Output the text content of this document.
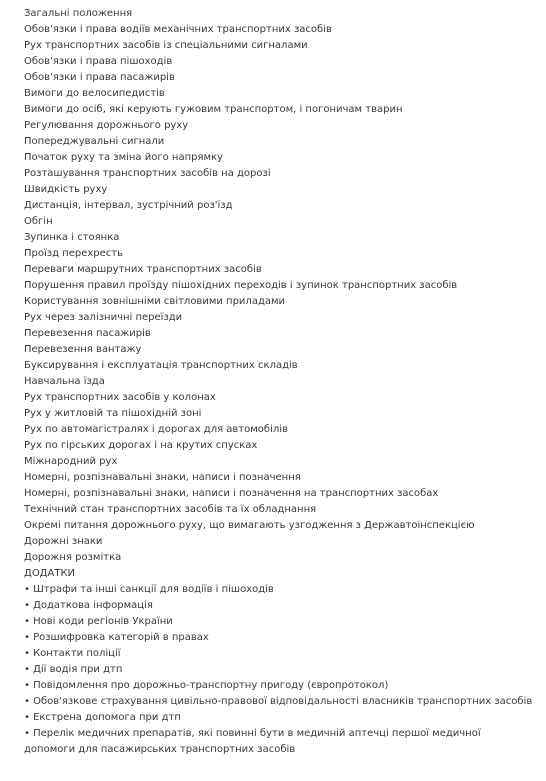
Загальні положення
Обов'язки і права водіїв механічних транспортних засобів
Рух транспортних засобів із спеціальними сигналами
Обов'язки і права пішоходів
Обов'язки і права пасажирів
Вимоги до велосипедистів
Вимоги до осіб, які керують гужовим транспортом, і погоничам тварин
Регулювання дорожнього руху
Попереджувальні сигнали
Початок руху та зміна його напрямку
Розташування транспортних засобів на дорозі
Швидкість руху
Дистанція, інтервал, зустрічний роз'їзд
Обгін
Зупинка і стоянка
Проїзд перехресть
Переваги маршрутних транспортних засобів
Порушення правил проїзду пішохідних переходів і зупинок транспортних засобів
Користування зовнішніми світловими приладами
Рух через залізничні переїзди
Перевезення пасажирів
Перевезення вантажу
Буксирування і експлуатація транспортних складів
Навчальна їзда
Рух транспортних засобів у колонах
Рух у житловій та пішохідній зоні
Рух по автомагістралях і дорогах для автомобілів
Рух по гірських дорогах і на крутих спусках
Міжнародний рух
Номерні, розпізнавальні знаки, написи і позначення
Номерні, розпізнавальні знаки, написи і позначення на транспортних засобах
Технічний стан транспортних засобів та їх обладнання
Окремі питання дорожнього руху, що вимагають узгодження з Державтоінспекцією
Дорожні знаки
Дорожня розмітка
ДОДАТКИ
• Штрафи та інші санкції для водіїв і пішоходів
• Додаткова інформація
• Нові коди регіонів України
• Розшифровка категорій в правах
• Контакти поліції
• Дії водія при дтп
• Повідомлення про дорожньо-транспортну пригоду (європротокол)
• Обов'язкове страхування цивільно-правової відповідальності власників транспортних засобів
• Екстрена допомога при дтп
• Перелік медичних препаратів, які повинні бути в медичній аптечці першої медичної допомоги для пасажирських транспортних засобів
